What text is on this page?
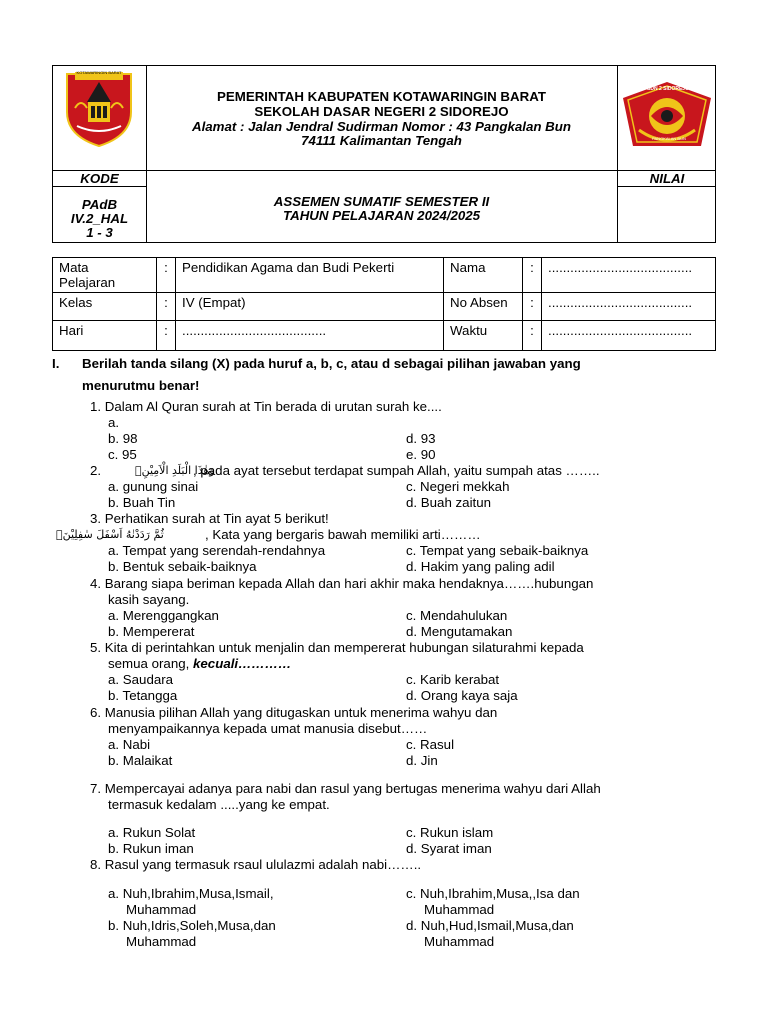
KOTAWARINGIN BARAT
PEMERINTAH KABUPATEN KOTAWARINGIN BARAT
SEKOLAH DASAR NEGERI 2 SIDOREJO
Alamat : Jalan Jendral Sudirman Nomor : 43 Pangkalan Bun
74111 Kalimantan Tengah
SDN 2 SIDOREJO
PANGKALAN BUN
KODE	NILAI
PAdB
IV.2_HAL
1 - 3
ASSEMEN SUMATIF SEMESTER II
TAHUN PELAJARAN 2024/2025
Mata
Pelajaran	:	Pendidikan Agama dan Budi Pekerti	Nama	:	.......................................
Kelas	:	IV (Empat)	No Absen	:	.......................................
Hari	:	.......................................	Waktu	:	.......................................
I. Berilah tanda silang (X) pada huruf a, b, c, atau d sebagai pilihan jawaban yang
menurutmu benar!
1. Dalam Al Quran surah at Tin berada di urutan surah ke....
a.
b. 98
c. 95
d. 93
e. 90
2.	وَهٰذَا الْبَلَدِ الْاَمِيْنِۙ
, pada ayat tersebut terdapat sumpah Allah, yaitu sumpah atas ……..
a. gunung sinai
b. Buah Tin
c. Negeri mekkah
d. Buah zaitun
3. Perhatikan surah at Tin ayat 5 berikut!
ثُمَّ رَدَدْنٰهُ اَسْفَلَ سٰفِلِيْنَۙ	, Kata yang bergaris bawah memiliki arti………
a. Tempat yang serendah-rendahnya
b. Bentuk sebaik-baiknya
c. Tempat yang sebaik-baiknya
d. Hakim yang paling adil
4. Barang siapa beriman kepada Allah dan hari akhir maka hendaknya…….hubungan
kasih sayang.
a. Merenggangkan
b. Mempererat
c. Mendahulukan
d. Mengutamakan
5. Kita di perintahkan untuk menjalin dan mempererat hubungan silaturahmi kepada
semua orang, kecuali…………
a. Saudara
b. Tetangga
c. Karib kerabat
d. Orang kaya saja
6. Manusia pilihan Allah yang ditugaskan untuk menerima wahyu dan
menyampaikannya kepada umat manusia disebut……
a. Nabi
b. Malaikat
c. Rasul
d. Jin
7. Mempercayai adanya para nabi dan rasul yang bertugas menerima wahyu dari Allah
termasuk kedalam .....yang ke empat.
a. Rukun Solat
b. Rukun iman
c. Rukun islam
d. Syarat iman
8. Rasul yang termasuk rsaul ululazmi adalah nabi……..
a. Nuh,Ibrahim,Musa,Ismail,
Muhammad
b. Nuh,Idris,Soleh,Musa,dan
Muhammad
c. Nuh,Ibrahim,Musa,,Isa dan
Muhammad
d. Nuh,Hud,Ismail,Musa,dan
Muhammad
